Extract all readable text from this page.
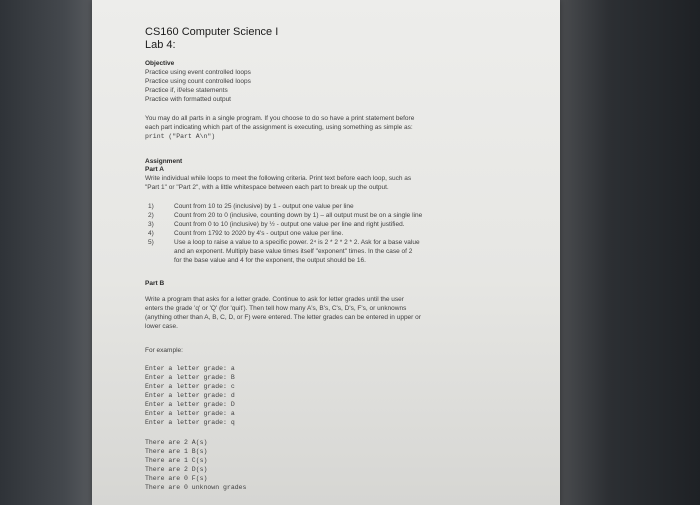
CS160 Computer Science I
Lab 4:
Objective
Practice using event controlled loops
Practice using count controlled loops
Practice if, if/else statements
Practice with formatted output
You may do all parts in a single program. If you choose to do so have a print statement before
each part indicating which part of the assignment is executing, using something as simple as:
print ("Part A\n")
Assignment
Part A
Write individual while loops to meet the following criteria. Print text before each loop, such as
"Part 1" or "Part 2", with a little whitespace between each part to break up the output.
1)
2)
3)
4)
5)
Count from 10 to 25 (inclusive) by 1 - output one value per line
Count from 20 to 0 (inclusive, counting down by 1) – all output must be on a single line
Count from 0 to 10 (inclusive) by ½ - output one value per line and right justified.
Count from 1792 to 2020 by 4's - output one value per line.
Use a loop to raise a value to a specific power. 2⁴ is 2 * 2 * 2 * 2. Ask for a base value
and an exponent. Multiply base value times itself "exponent" times. In the case of 2
for the base value and 4 for the exponent, the output should be 16.
Part B
Write a program that asks for a letter grade. Continue to ask for letter grades until the user
enters the grade 'q' or 'Q' (for 'quit'). Then tell how many A's, B's, C's, D's, F's, or unknowns
(anything other than A, B, C, D, or F) were entered. The letter grades can be entered in upper or
lower case.
For example:
Enter a letter grade: a
Enter a letter grade: B
Enter a letter grade: c
Enter a letter grade: d
Enter a letter grade: D
Enter a letter grade: a
Enter a letter grade: q
There are 2 A(s)
There are 1 B(s)
There are 1 C(s)
There are 2 D(s)
There are 0 F(s)
There are 0 unknown grades
